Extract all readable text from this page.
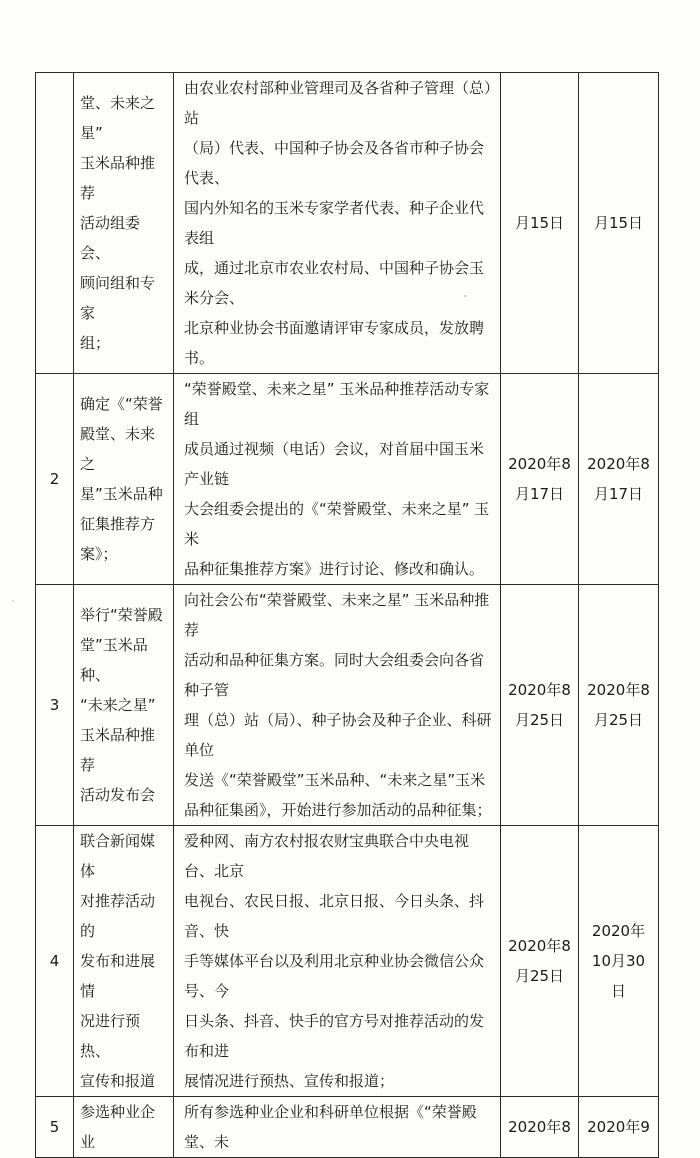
	堂、未来之星”
玉米品种推荐
活动组委会、
顾问组和专家
组；	由农业农村部种业管理司及各省种子管理（总）站
（局）代表、中国种子协会及各省市种子协会代表、
国内外知名的玉米专家学者代表、种子企业代表组
成，通过北京市农业农村局、中国种子协会玉米分会、
北京种业协会书面邀请评审专家成员，发放聘书。	月15日	月15日

2	确定《“荣誉
殿堂、未来之
星”玉米品种
征集推荐方
案》；	“荣誉殿堂、未来之星” 玉米品种推荐活动专家组
成员通过视频（电话）会议，对首届中国玉米产业链
大会组委会提出的《“荣誉殿堂、未来之星” 玉米
品种征集推荐方案》进行讨论、修改和确认。	2020年8
月17日	2020年8
月17日

3	举行“荣誉殿
堂”玉米品种、
“未来之星”
玉米品种推荐
活动发布会	向社会公布“荣誉殿堂、未来之星” 玉米品种推荐
活动和品种征集方案。同时大会组委会向各省种子管
理（总）站（局）、种子协会及种子企业、科研单位
发送《“荣誉殿堂”玉米品种、“未来之星”玉米
品种征集函》，开始进行参加活动的品种征集；	2020年8
月25日	2020年8
月25日

4	联合新闻媒体
对推荐活动的
发布和进展情
况进行预热、
宣传和报道	爱种网、南方农村报农财宝典联合中央电视台、北京
电视台、农民日报、北京日报、今日头条、抖音、快
手等媒体平台以及利用北京种业协会微信公众号、今
日头条、抖音、快手的官方号对推荐活动的发布和进
展情况进行预热、宣传和报道；	2020年8
月25日	2020年
10月30
日

5	参选种业企业	所有参选种业企业和科研单位根据《“荣誉殿堂、未	2020年8	2020年9
